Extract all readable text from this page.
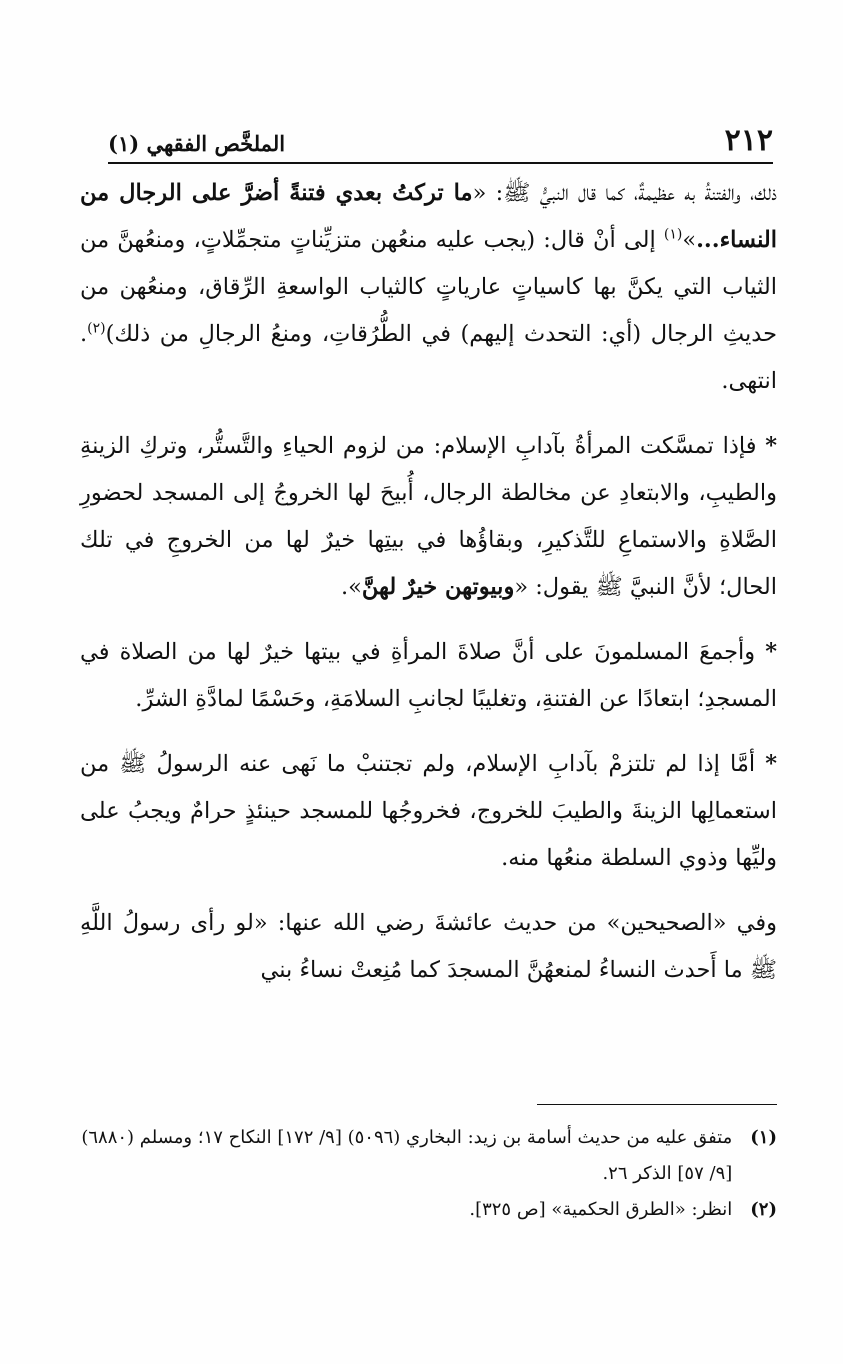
٢١٢
الملخَّص الفقهي (١)

ذلك، والفتنةُ به عظيمةٌ، كما قال النبيُّ ﷺ: «ما تركتُ بعدي فتنةً أضرَّ على الرجال من النساء...»$^{(١)}$ إلى أنْ قال: (يجب عليه منعُهن متزيِّناتٍ متجمِّلاتٍ، ومنعُهنَّ من الثياب التي يكنَّ بها كاسياتٍ عارياتٍ كالثياب الواسعةِ الرِّقاق، ومنعُهن من حديثِ الرجال (أي: التحدث إليهم) في الطُّرُقاتِ، ومنعُ الرجالِ من ذلك)$^{(٢)}$. انتهى.

* فإذا تمسَّكت المرأةُ بآدابِ الإسلام: من لزوم الحياءِ والتَّستُّر، وتركِ الزينةِ والطيبِ، والابتعادِ عن مخالطة الرجال، أُبيحَ لها الخروجُ إلى المسجد لحضورِ الصَّلاةِ والاستماعِ للتَّذكيرِ، وبقاؤُها في بيتِها خيرٌ لها من الخروجِ في تلك الحال؛ لأنَّ النبيَّ ﷺ يقول: «وبيوتهن خيرٌ لهنَّ».

* وأجمعَ المسلمونَ على أنَّ صلاةَ المرأةِ في بيتها خيرٌ لها من الصلاة في المسجدِ؛ ابتعادًا عن الفتنةِ، وتغليبًا لجانبِ السلامَةِ، وحَسْمًا لمادَّةِ الشرِّ.

* أمَّا إذا لم تلتزمْ بآدابِ الإسلام، ولم تجتنبْ ما نَهى عنه الرسولُ ﷺ من استعمالِها الزينةَ والطيبَ للخروج، فخروجُها للمسجد حينئذٍ حرامٌ ويجبُ على وليِّها وذوي السلطة منعُها منه.

وفي «الصحيحين» من حديث عائشةَ رضي الله عنها: «لو رأى رسولُ اللَّهِ ﷺ ما أَحدث النساءُ لمنعهُنَّ المسجدَ كما مُنِعتْ نساءُ بني

(١)
متفق عليه من حديث أسامة بن زيد: البخاري (٥٠٩٦) [٩/ ١٧٢] النكاح ١٧؛ ومسلم (٦٨٨٠) [٩/ ٥٧] الذكر ٢٦.
(٢)
انظر: «الطرق الحكمية» [ص ٣٢٥].
